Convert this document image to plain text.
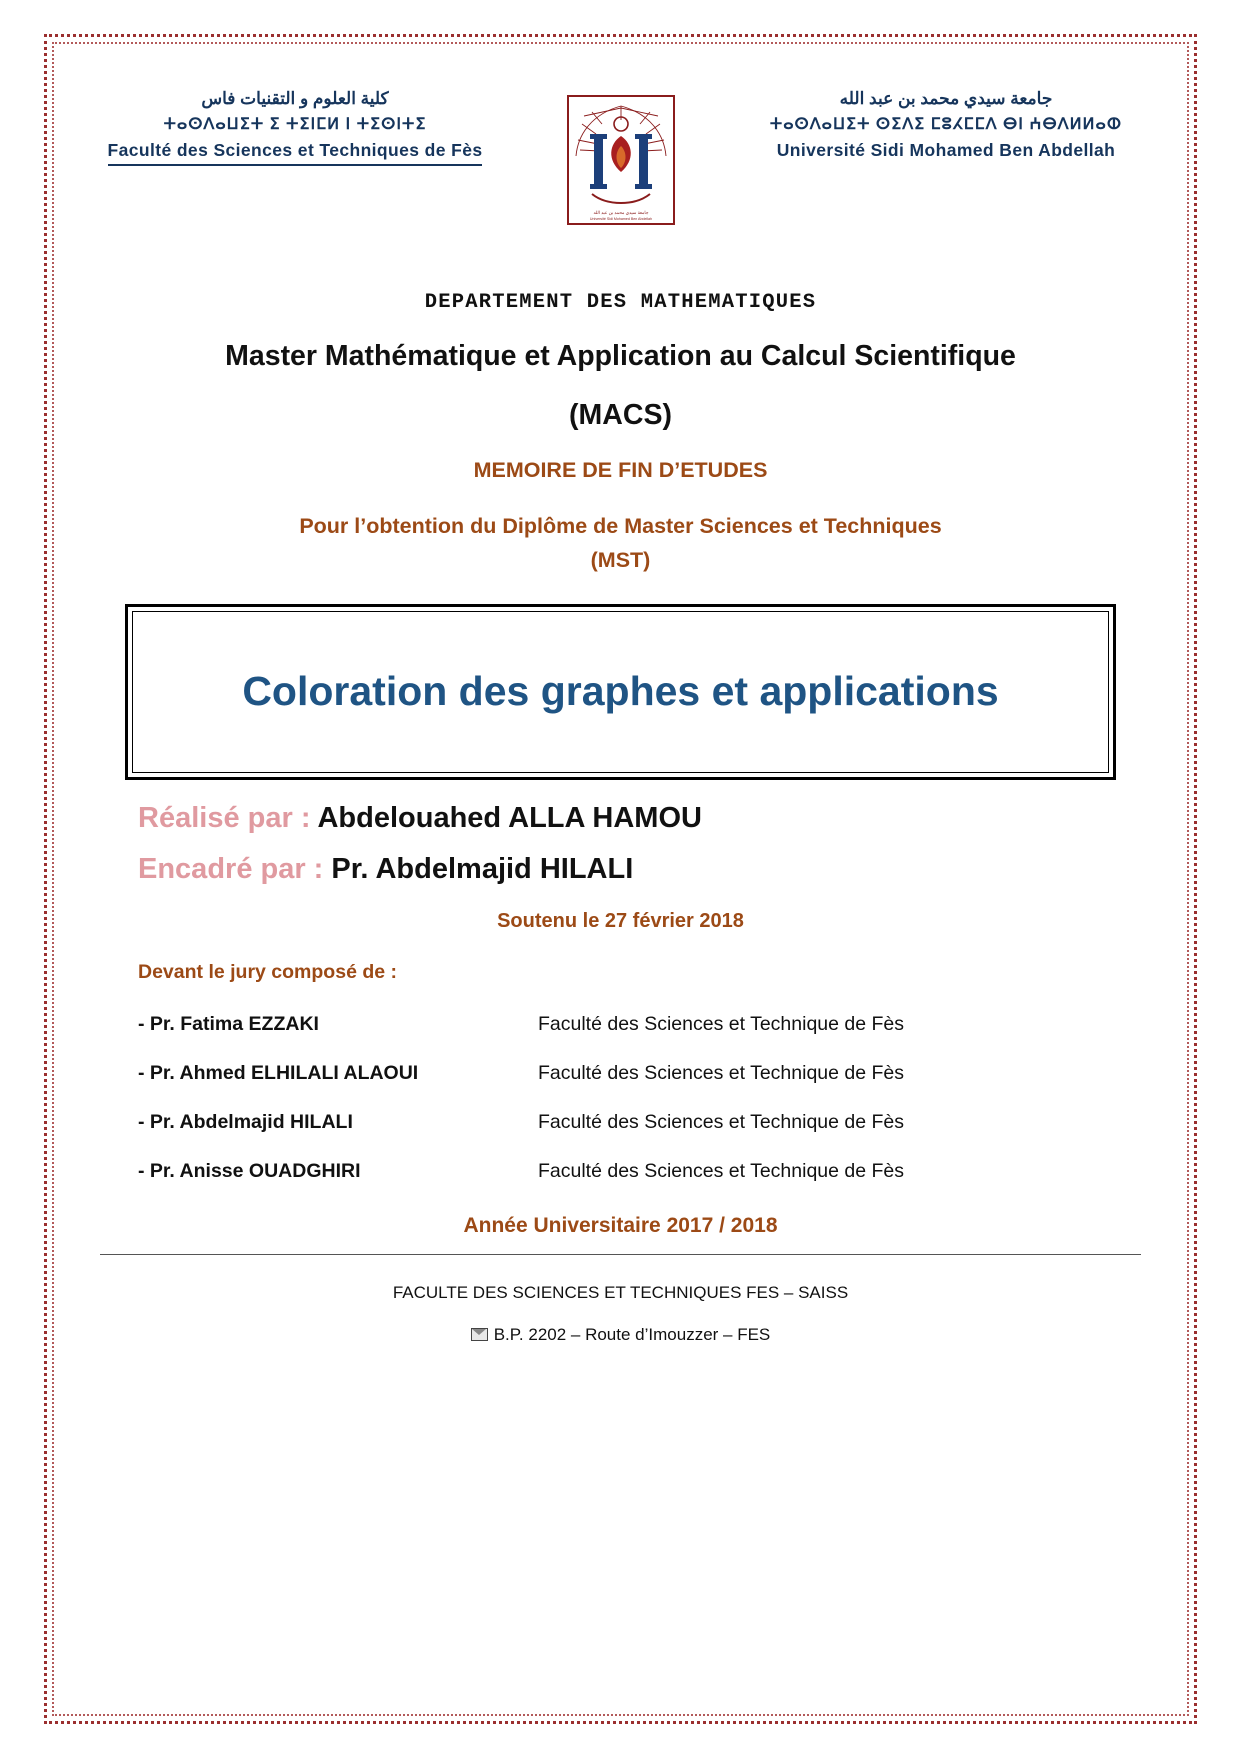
كلية العلوم و التقنيات فاس
ⵜⴰⵙⴷⴰⵡⵉⵜ ⵉ ⵜⵉⵏⵎⵍ ⵏ ⵜⵉⵙⵏⵜⵉ
Faculté des Sciences et Techniques de Fès
جامعة سيدي محمد بن عبد الله
Université Sidi Mohamed Ben Abdellah
جامعة سيدي محمد بن عبد الله
ⵜⴰⵙⴷⴰⵡⵉⵜ ⵙⵉⴷⵉ ⵎⵓⵃⵎⵎⴷ ⴱⵏ ⵄⴱⴷⵍⵍⴰⵀ
Université Sidi Mohamed Ben Abdellah
DEPARTEMENT DES MATHEMATIQUES
Master Mathématique et Application au Calcul Scientifique
(MACS)
MEMOIRE DE FIN D’ETUDES
Pour l’obtention du Diplôme de Master Sciences et Techniques
(MST)
Coloration des graphes et applications
Réalisé par : Abdelouahed ALLA HAMOU
Encadré par : Pr. Abdelmajid HILALI
Soutenu le 27 février 2018
Devant le jury composé de :
- Pr. Fatima EZZAKI	Faculté des Sciences et Technique de Fès
- Pr. Ahmed ELHILALI ALAOUI	Faculté des Sciences et Technique de Fès
- Pr. Abdelmajid HILALI	Faculté des Sciences et Technique de Fès
- Pr. Anisse OUADGHIRI	Faculté des Sciences et Technique de Fès
Année Universitaire 2017 / 2018
FACULTE DES SCIENCES ET TECHNIQUES FES – SAISS
B.P. 2202 – Route d’Imouzzer – FES
